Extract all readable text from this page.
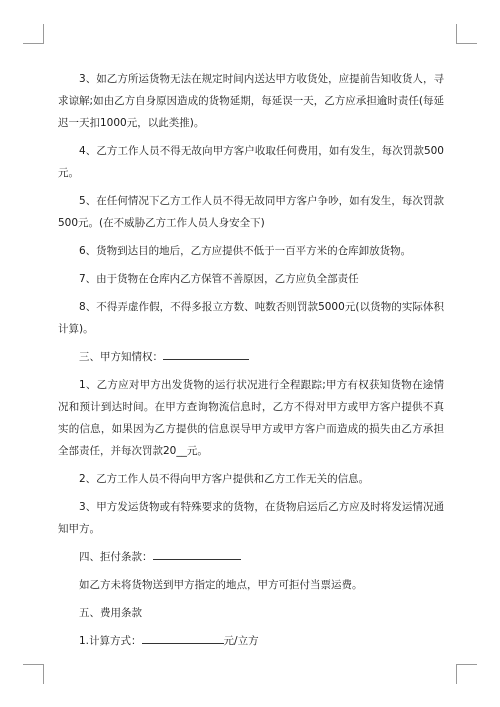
3、如乙方所运货物无法在规定时间内送达甲方收货处，应提前告知收货人，寻求谅解;如由乙方自身原因造成的货物延期，每延误一天，乙方应承担逾时责任(每延迟一天扣1000元，以此类推)。

4、乙方工作人员不得无故向甲方客户收取任何费用，如有发生，每次罚款500元。

5、在任何情况下乙方工作人员不得无故同甲方客户争吵，如有发生，每次罚款500元。(在不威胁乙方工作人员人身安全下)

6、货物到达目的地后，乙方应提供不低于一百平方米的仓库卸放货物。

7、由于货物在仓库内乙方保管不善原因，乙方应负全部责任

8、不得弄虚作假，不得多报立方数、吨数否则罚款5000元(以货物的实际体积计算)。

三、甲方知情权：

1、乙方应对甲方出发货物的运行状况进行全程跟踪;甲方有权获知货物在途情况和预计到达时间。在甲方查询物流信息时，乙方不得对甲方或甲方客户提供不真实的信息，如果因为乙方提供的信息误导甲方或甲方客户而造成的损失由乙方承担全部责任，并每次罚款20__元。

2、乙方工作人员不得向甲方客户提供和乙方工作无关的信息。

3、甲方发运货物或有特殊要求的货物，在货物启运后乙方应及时将发运情况通知甲方。

四、拒付条款：

如乙方未将货物送到甲方指定的地点，甲方可拒付当票运费。

五、费用条款

1.计算方式：	元/立方
